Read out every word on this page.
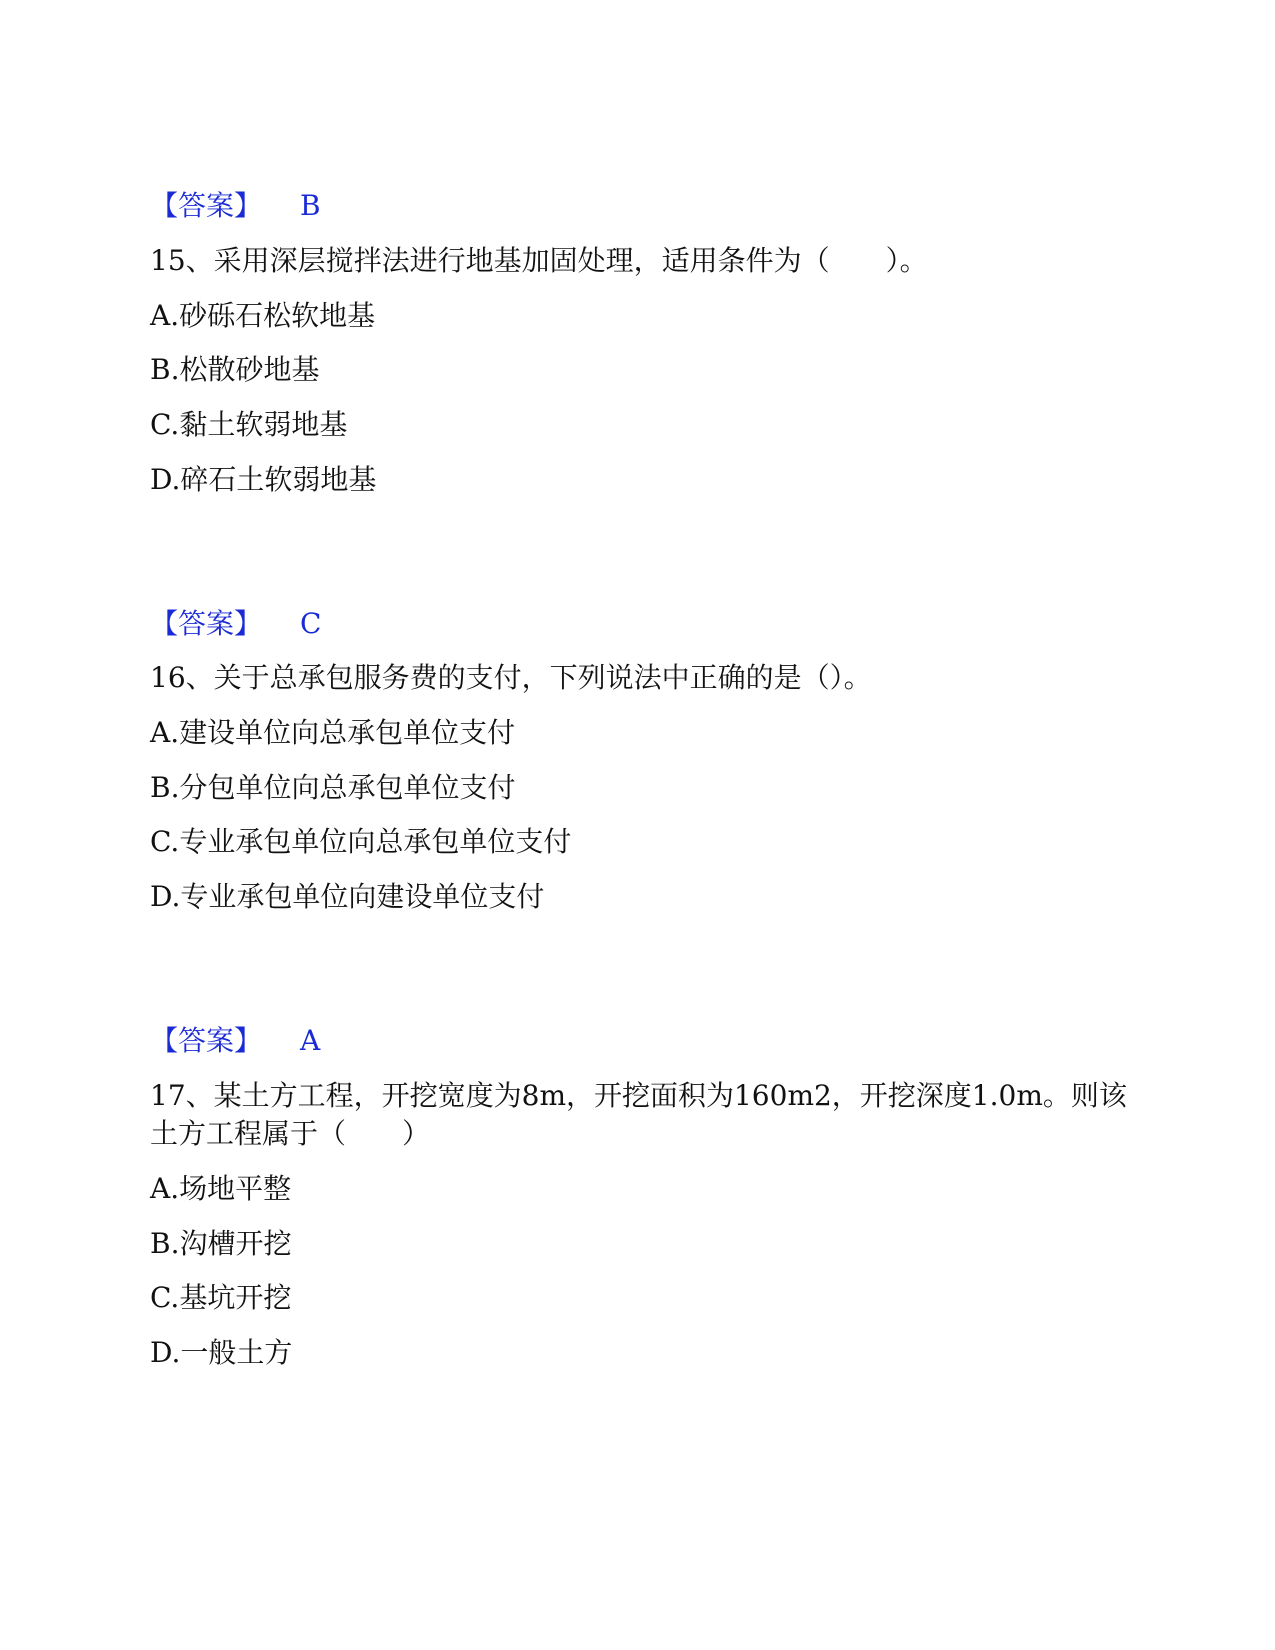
【答案】 B
15、采用深层搅拌法进行地基加固处理，适用条件为（　　）。
A.砂砾石松软地基
B.松散砂地基
C.黏土软弱地基
D.碎石土软弱地基
【答案】 C
16、关于总承包服务费的支付，下列说法中正确的是（）。
A.建设单位向总承包单位支付
B.分包单位向总承包单位支付
C.专业承包单位向总承包单位支付
D.专业承包单位向建设单位支付
【答案】 A
17、某土方工程，开挖宽度为8m，开挖面积为160m2，开挖深度1.0m。则该
土方工程属于（　　）
A.场地平整
B.沟槽开挖
C.基坑开挖
D.一般土方
